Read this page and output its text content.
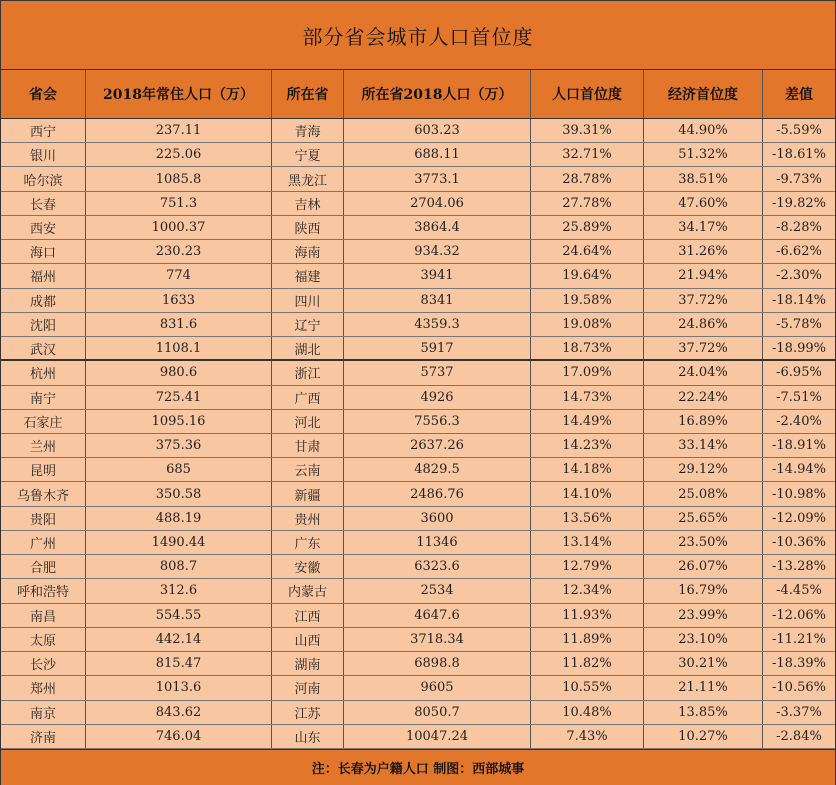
部分省会城市人口首位度
省会	2018年常住人口（万）	所在省	所在省2018人口（万）	人口首位度	经济首位度	差值
西宁	237.11	青海	603.23	39.31%	44.90%	-5.59%
银川	225.06	宁夏	688.11	32.71%	51.32%	-18.61%
哈尔滨	1085.8	黑龙江	3773.1	28.78%	38.51%	-9.73%
长春	751.3	吉林	2704.06	27.78%	47.60%	-19.82%
西安	1000.37	陕西	3864.4	25.89%	34.17%	-8.28%
海口	230.23	海南	934.32	24.64%	31.26%	-6.62%
福州	774	福建	3941	19.64%	21.94%	-2.30%
成都	1633	四川	8341	19.58%	37.72%	-18.14%
沈阳	831.6	辽宁	4359.3	19.08%	24.86%	-5.78%
武汉	1108.1	湖北	5917	18.73%	37.72%	-18.99%
杭州	980.6	浙江	5737	17.09%	24.04%	-6.95%
南宁	725.41	广西	4926	14.73%	22.24%	-7.51%
石家庄	1095.16	河北	7556.3	14.49%	16.89%	-2.40%
兰州	375.36	甘肃	2637.26	14.23%	33.14%	-18.91%
昆明	685	云南	4829.5	14.18%	29.12%	-14.94%
乌鲁木齐	350.58	新疆	2486.76	14.10%	25.08%	-10.98%
贵阳	488.19	贵州	3600	13.56%	25.65%	-12.09%
广州	1490.44	广东	11346	13.14%	23.50%	-10.36%
合肥	808.7	安徽	6323.6	12.79%	26.07%	-13.28%
呼和浩特	312.6	内蒙古	2534	12.34%	16.79%	-4.45%
南昌	554.55	江西	4647.6	11.93%	23.99%	-12.06%
太原	442.14	山西	3718.34	11.89%	23.10%	-11.21%
长沙	815.47	湖南	6898.8	11.82%	30.21%	-18.39%
郑州	1013.6	河南	9605	10.55%	21.11%	-10.56%
南京	843.62	江苏	8050.7	10.48%	13.85%	-3.37%
济南	746.04	山东	10047.24	7.43%	10.27%	-2.84%
注：长春为户籍人口 制图：西部城事
